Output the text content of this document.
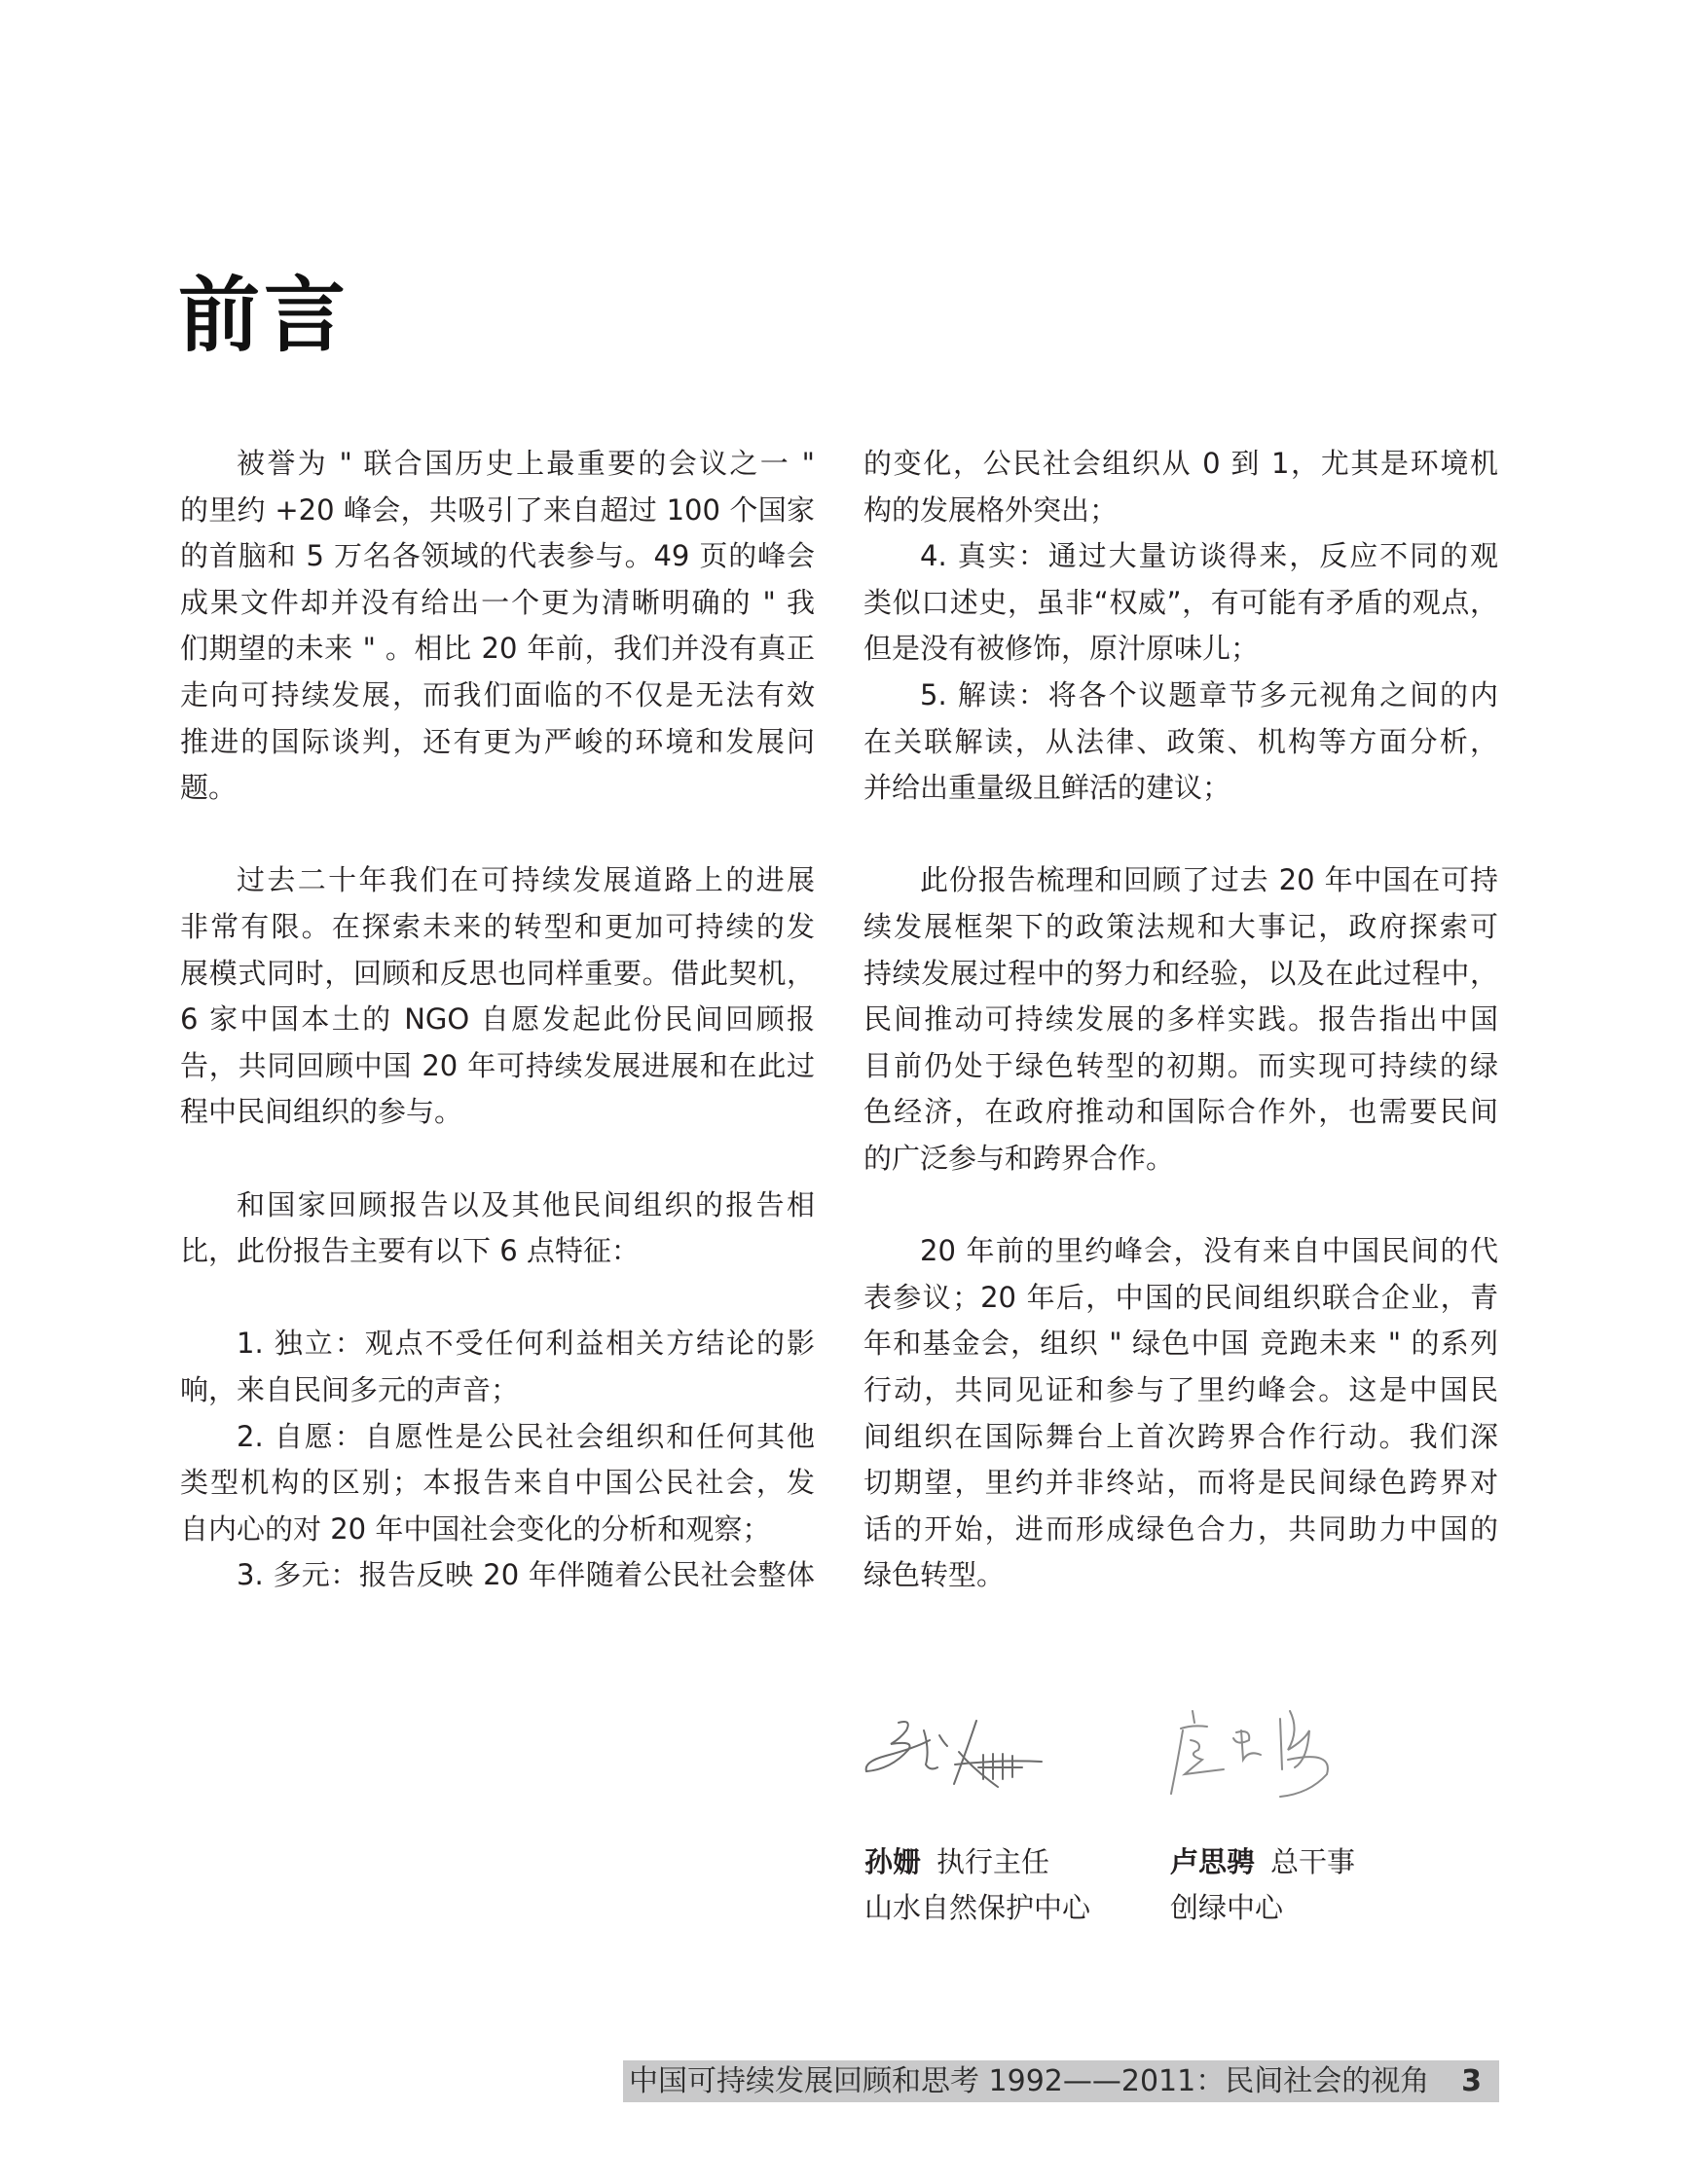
前言
被誉为 " 联合国历史上最重要的会议之一 "
的里约 +20 峰会，共吸引了来自超过 100 个国家
的首脑和 5 万名各领域的代表参与。49 页的峰会
成果文件却并没有给出一个更为清晰明确的 " 我
们期望的未来 " 。相比 20 年前，我们并没有真正
走向可持续发展，而我们面临的不仅是无法有效
推进的国际谈判，还有更为严峻的环境和发展问
题。
过去二十年我们在可持续发展道路上的进展
非常有限。在探索未来的转型和更加可持续的发
展模式同时，回顾和反思也同样重要。借此契机，
6 家中国本土的 NGO 自愿发起此份民间回顾报
告，共同回顾中国 20 年可持续发展进展和在此过
程中民间组织的参与。
和国家回顾报告以及其他民间组织的报告相
比，此份报告主要有以下 6 点特征：
1. 独立：观点不受任何利益相关方结论的影
响，来自民间多元的声音；
2. 自愿：自愿性是公民社会组织和任何其他
类型机构的区别；本报告来自中国公民社会，发
自内心的对 20 年中国社会变化的分析和观察；
3. 多元：报告反映 20 年伴随着公民社会整体
的变化，公民社会组织从 0 到 1，尤其是环境机
构的发展格外突出；
4. 真实：通过大量访谈得来，反应不同的观
类似口述史，虽非“权威”，有可能有矛盾的观点，
但是没有被修饰，原汁原味儿；
5. 解读：将各个议题章节多元视角之间的内
在关联解读，从法律、政策、机构等方面分析，
并给出重量级且鲜活的建议；
此份报告梳理和回顾了过去 20 年中国在可持
续发展框架下的政策法规和大事记，政府探索可
持续发展过程中的努力和经验，以及在此过程中，
民间推动可持续发展的多样实践。报告指出中国
目前仍处于绿色转型的初期。而实现可持续的绿
色经济，在政府推动和国际合作外，也需要民间
的广泛参与和跨界合作。
20 年前的里约峰会，没有来自中国民间的代
表参议；20 年后，中国的民间组织联合企业，青
年和基金会，组织 " 绿色中国 竞跑未来 " 的系列
行动，共同见证和参与了里约峰会。这是中国民
间组织在国际舞台上首次跨界合作行动。我们深
切期望，里约并非终站，而将是民间绿色跨界对
话的开始，进而形成绿色合力，共同助力中国的
绿色转型。
孙姗 执行主任
山水自然保护中心
卢思骋 总干事
创绿中心
中国可持续发展回顾和思考 1992——2011：民间社会的视角 3
